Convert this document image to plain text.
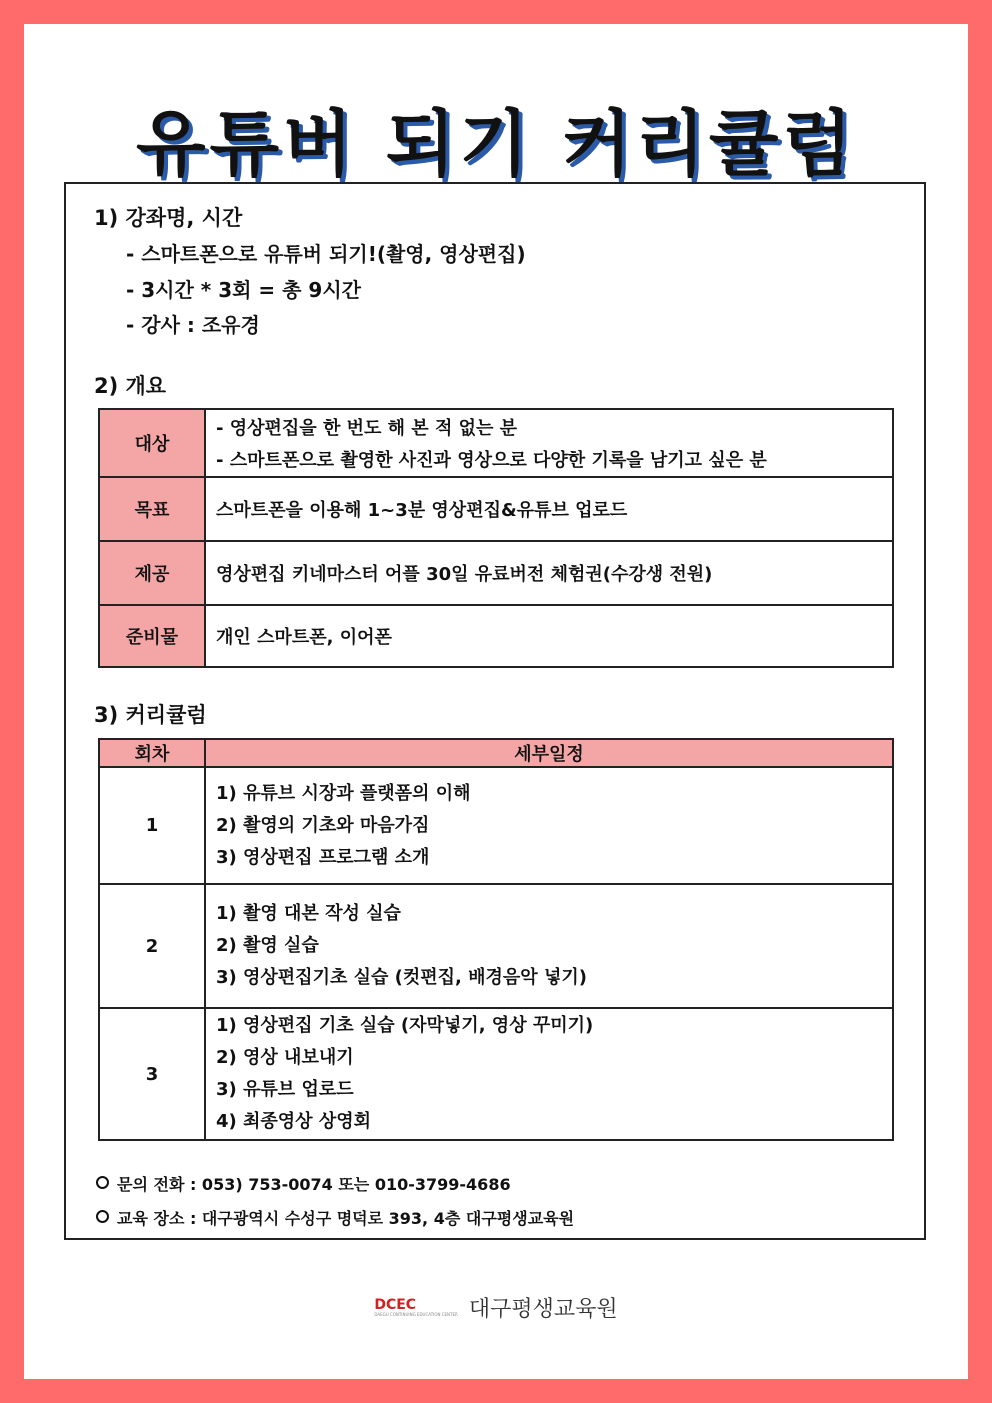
유튜버 되기 커리큘럼
1) 강좌명, 시간
- 스마트폰으로 유튜버 되기!(촬영, 영상편집)
- 3시간 * 3회 = 총 9시간
- 강사 : 조유경
2) 개요
대상	- 영상편집을 한 번도 해 본 적 없는 분
- 스마트폰으로 촬영한 사진과 영상으로 다양한 기록을 남기고 싶은 분

목표	스마트폰을 이용해 1~3분 영상편집&유튜브 업로드
제공	영상편집 키네마스터 어플 30일 유료버전 체험권(수강생 전원)
준비물	개인 스마트폰, 이어폰
3) 커리큘럼
회차	세부일정
1	1) 유튜브 시장과 플랫폼의 이해
2) 촬영의 기초와 마음가짐
3) 영상편집 프로그램 소개

2	1) 촬영 대본 작성 실습
2) 촬영 실습
3) 영상편집기초 실습 (컷편집, 배경음악 넣기)

3	1) 영상편집 기초 실습 (자막넣기, 영상 꾸미기)
2) 영상 내보내기
3) 유튜브 업로드
4) 최종영상 상영회
문의 전화 : 053) 753-0074 또는 010-3799-4686
교육 장소 : 대구광역시 수성구 명덕로 393, 4층 대구평생교육원
DCEC
DAEGU CONTINUING EDUCATION CENTER 대구평생교육원
